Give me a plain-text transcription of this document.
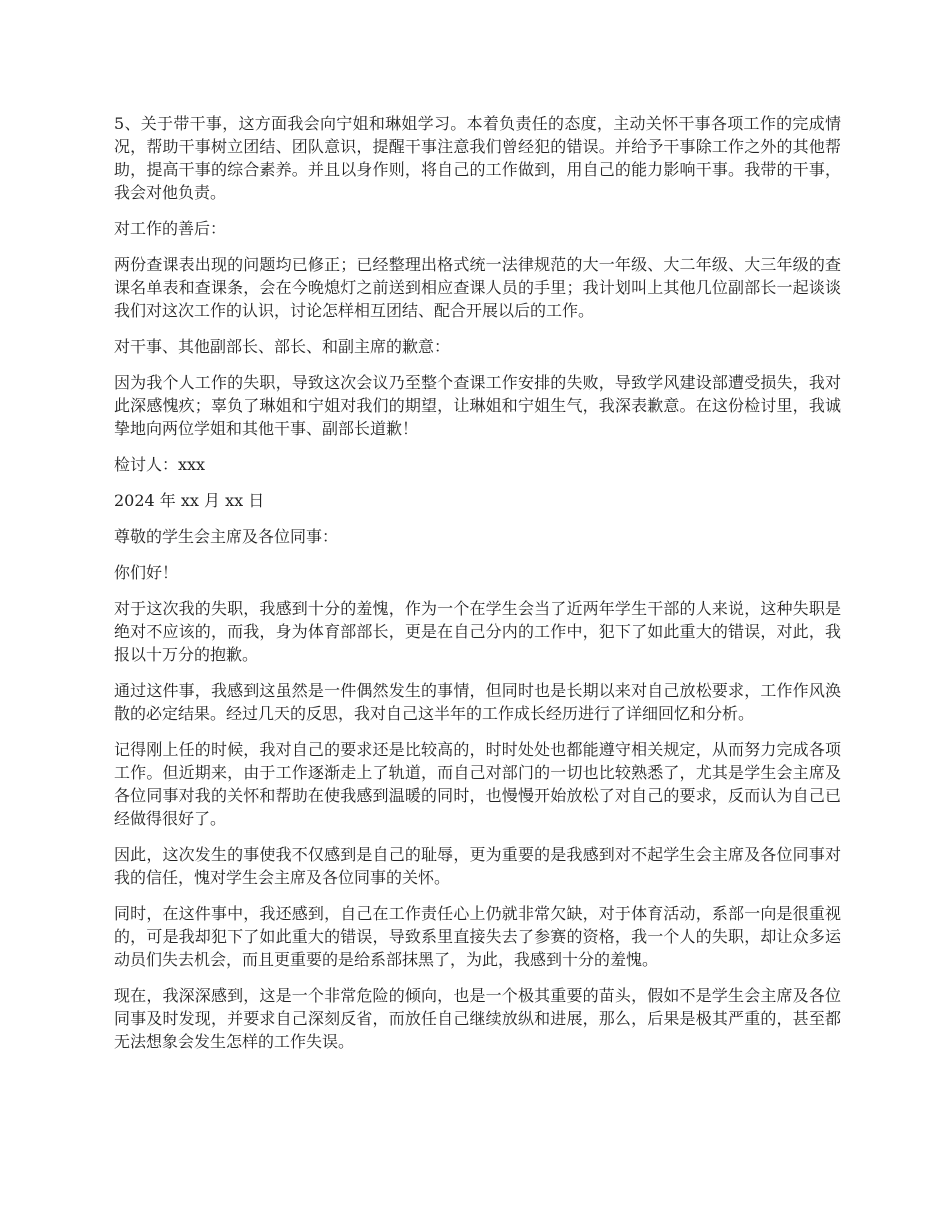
5、关于带干事，这方面我会向宁姐和琳姐学习。本着负责任的态度，主动关怀干事各项工作的完成情况，帮助干事树立团结、团队意识，提醒干事注意我们曾经犯的错误。并给予干事除工作之外的其他帮助，提高干事的综合素养。并且以身作则，将自己的工作做到，用自己的能力影响干事。我带的干事，我会对他负责。

对工作的善后：

两份查课表出现的问题均已修正；已经整理出格式统一法律规范的大一年级、大二年级、大三年级的查课名单表和查课条，会在今晚熄灯之前送到相应查课人员的手里；我计划叫上其他几位副部长一起谈谈我们对这次工作的认识，讨论怎样相互团结、配合开展以后的工作。

对干事、其他副部长、部长、和副主席的歉意：

因为我个人工作的失职，导致这次会议乃至整个查课工作安排的失败，导致学风建设部遭受损失，我对此深感愧疚；辜负了琳姐和宁姐对我们的期望，让琳姐和宁姐生气，我深表歉意。在这份检讨里，我诚挚地向两位学姐和其他干事、副部长道歉！

检讨人：xxx

2024 年 xx 月 xx 日

尊敬的学生会主席及各位同事：

你们好！

对于这次我的失职，我感到十分的羞愧，作为一个在学生会当了近两年学生干部的人来说，这种失职是绝对不应该的，而我，身为体育部部长，更是在自己分内的工作中，犯下了如此重大的错误，对此，我报以十万分的抱歉。

通过这件事，我感到这虽然是一件偶然发生的事情，但同时也是长期以来对自己放松要求，工作作风涣散的必定结果。经过几天的反思，我对自己这半年的工作成长经历进行了详细回忆和分析。

记得刚上任的时候，我对自己的要求还是比较高的，时时处处也都能遵守相关规定，从而努力完成各项工作。但近期来，由于工作逐渐走上了轨道，而自己对部门的一切也比较熟悉了，尤其是学生会主席及各位同事对我的关怀和帮助在使我感到温暖的同时，也慢慢开始放松了对自己的要求，反而认为自己已经做得很好了。

因此，这次发生的事使我不仅感到是自己的耻辱，更为重要的是我感到对不起学生会主席及各位同事对我的信任，愧对学生会主席及各位同事的关怀。

同时，在这件事中，我还感到，自己在工作责任心上仍就非常欠缺，对于体育活动，系部一向是很重视的，可是我却犯下了如此重大的错误，导致系里直接失去了参赛的资格，我一个人的失职，却让众多运动员们失去机会，而且更重要的是给系部抹黑了，为此，我感到十分的羞愧。

现在，我深深感到，这是一个非常危险的倾向，也是一个极其重要的苗头，假如不是学生会主席及各位同事及时发现，并要求自己深刻反省，而放任自己继续放纵和进展，那么，后果是极其严重的，甚至都无法想象会发生怎样的工作失误。
